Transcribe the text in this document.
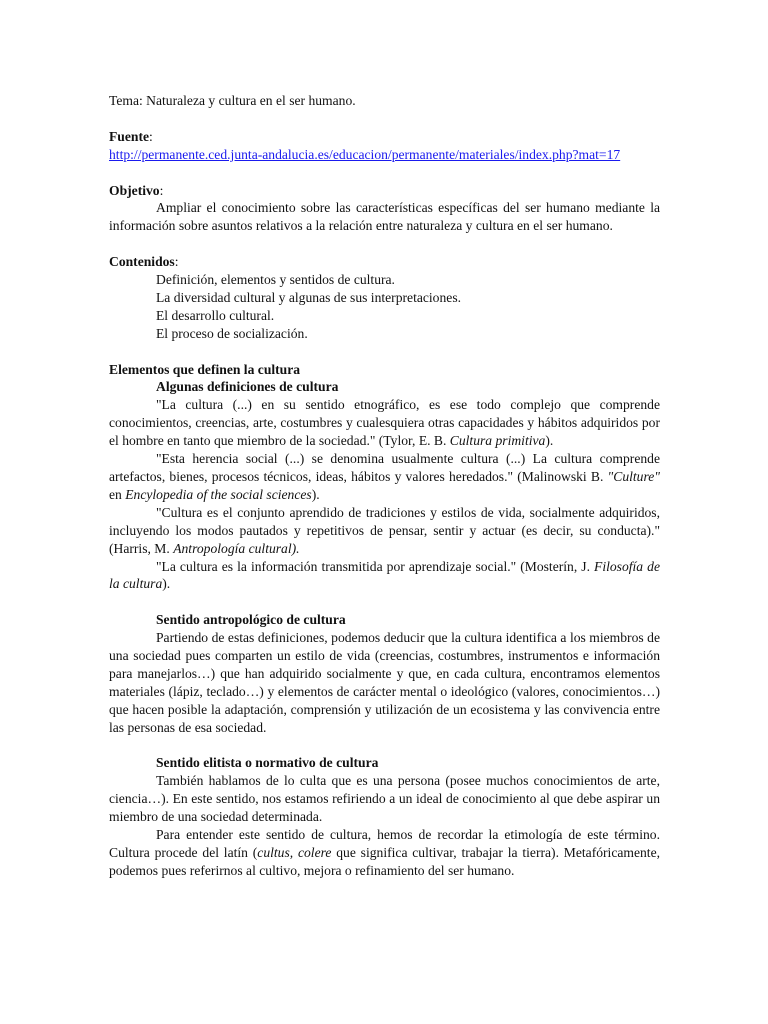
Tema: Naturaleza y cultura en el ser humano.

Fuente:

http://permanente.ced.junta-andalucia.es/educacion/permanente/materiales/index.php?mat=17

Objetivo:

Ampliar el conocimiento sobre las características específicas del ser humano mediante la información sobre asuntos relativos a la relación entre naturaleza y cultura en el ser humano.

Contenidos:

Definición, elementos y sentidos de cultura.

La diversidad cultural y algunas de sus interpretaciones.

El desarrollo cultural.

El proceso de socialización.

Elementos que definen la cultura

Algunas definiciones de cultura

"La cultura (...) en su sentido etnográfico, es ese todo complejo que comprende conocimientos, creencias, arte, costumbres y cualesquiera otras capacidades y hábitos adquiridos por el hombre en tanto que miembro de la sociedad." (Tylor, E. B. Cultura primitiva).

"Esta herencia social (...) se denomina usualmente cultura (...) La cultura comprende artefactos, bienes, procesos técnicos, ideas, hábitos y valores heredados." (Malinowski B. "Culture" en Encylopedia of the social sciences).

"Cultura es el conjunto aprendido de tradiciones y estilos de vida, socialmente adquiridos, incluyendo los modos pautados y repetitivos de pensar, sentir y actuar (es decir, su conducta)."(Harris, M. Antropología cultural).

"La cultura es la información transmitida por aprendizaje social." (Mosterín, J. Filosofía de la cultura).

Sentido antropológico de cultura

Partiendo de estas definiciones, podemos deducir que la cultura identifica a los miembros de una sociedad pues comparten un estilo de vida (creencias, costumbres, instrumentos e información para manejarlos…) que han adquirido socialmente y que, en cada cultura, encontramos elementos materiales (lápiz, teclado…) y elementos de carácter mental o ideológico (valores, conocimientos…) que hacen posible la adaptación, comprensión y utilización de un ecosistema y las convivencia entre las personas de esa sociedad.

Sentido elitista o normativo de cultura

También hablamos de lo culta que es una persona (posee muchos conocimientos de arte, ciencia…). En este sentido, nos estamos refiriendo a un ideal de conocimiento al que debe aspirar un miembro de una sociedad determinada.

Para entender este sentido de cultura, hemos de recordar la etimología de este término. Cultura procede del latín (cultus, colere que significa cultivar, trabajar la tierra). Metafóricamente, podemos pues referirnos al cultivo, mejora o refinamiento del ser humano.
